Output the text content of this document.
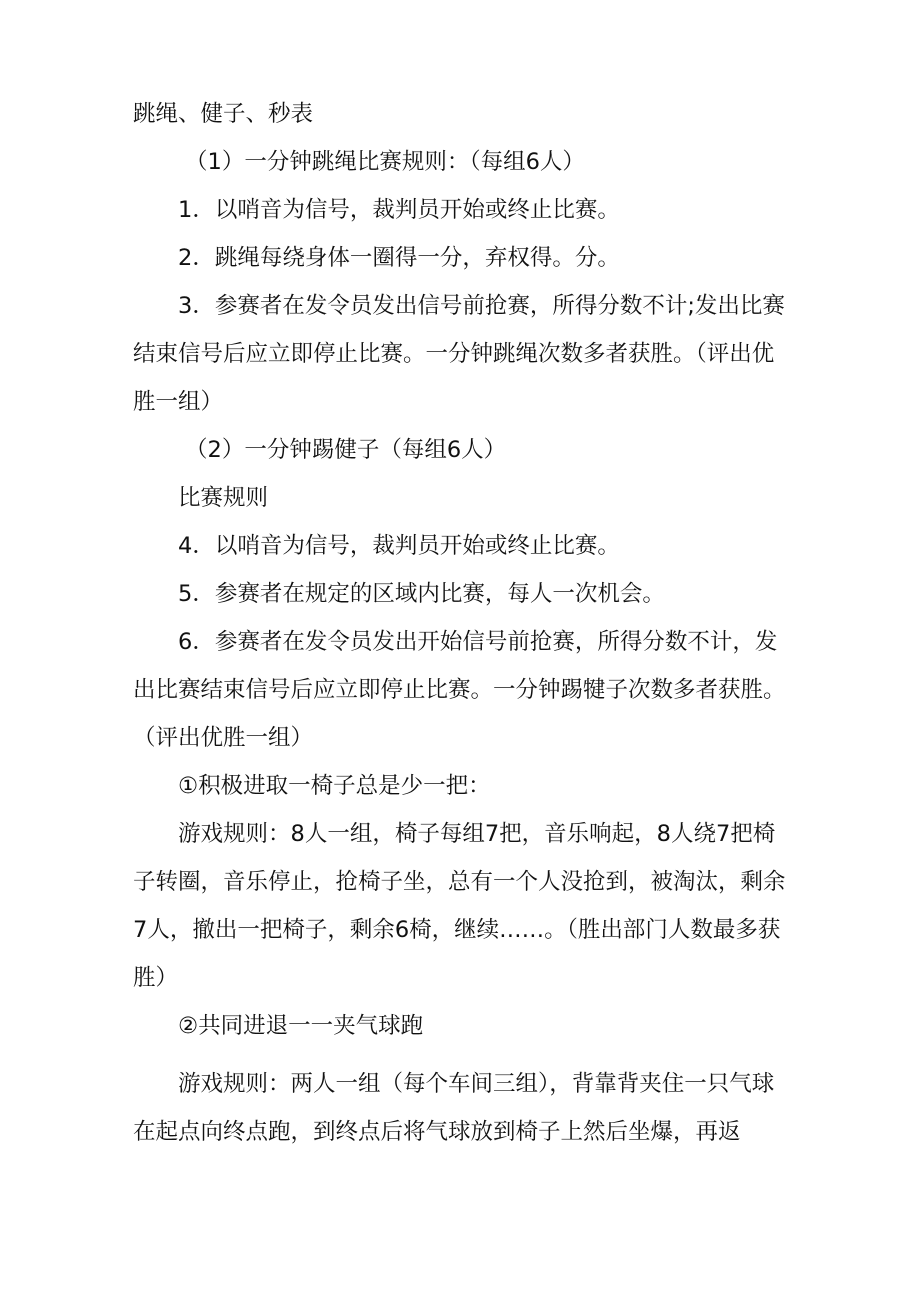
跳绳、健子、秒表

（1）一分钟跳绳比赛规则：（每组6人）

1．以哨音为信号，裁判员开始或终止比赛。

2．跳绳每绕身体一圈得一分，弃权得。分。

3．参赛者在发令员发出信号前抢赛，所得分数不计;发出比赛结束信号后应立即停止比赛。一分钟跳绳次数多者获胜。（评出优胜一组）

（2）一分钟踢健子（每组6人）

比赛规则

4．以哨音为信号，裁判员开始或终止比赛。

5．参赛者在规定的区域内比赛，每人一次机会。

6．参赛者在发令员发出开始信号前抢赛，所得分数不计，发出比赛结束信号后应立即停止比赛。一分钟踢犍子次数多者获胜。（评出优胜一组）

①积极进取一椅子总是少一把：

游戏规则：8人一组，椅子每组7把，音乐响起，8人绕7把椅子转圈，音乐停止，抢椅子坐，总有一个人没抢到，被淘汰，剩余7人，撤出一把椅子，剩余6椅，继续……。（胜出部门人数最多获胜）

②共同进退一一夹气球跑

游戏规则：两人一组（每个车间三组），背靠背夹住一只气球在起点向终点跑，到终点后将气球放到椅子上然后坐爆，再返
